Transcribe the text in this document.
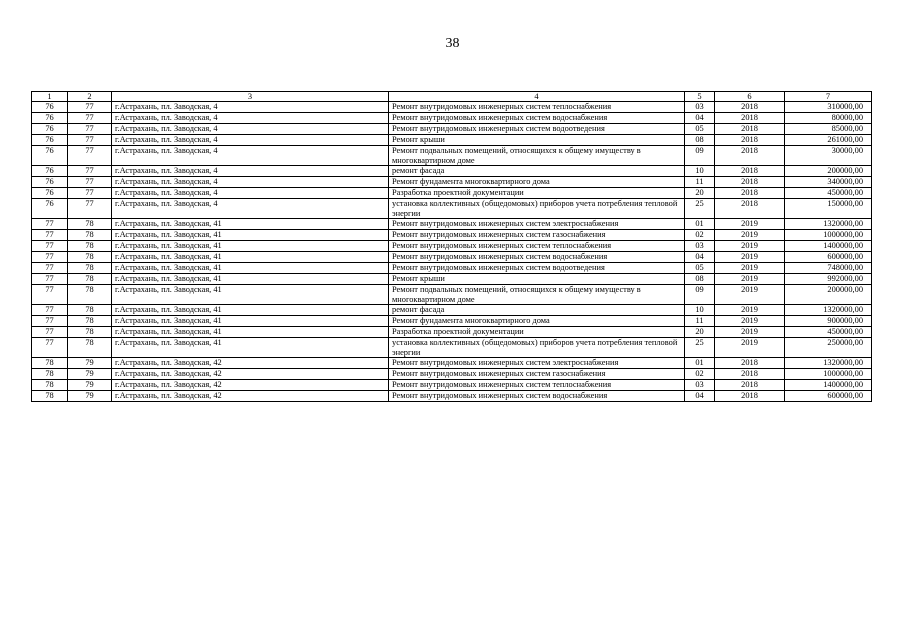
38
1	2	3	4	5	6	7
76	77	г.Астрахань, пл. Заводская, 4	Ремонт внутридомовых инженерных систем теплоснабжения	03	2018	310000,00
76	77	г.Астрахань, пл. Заводская, 4	Ремонт внутридомовых инженерных систем водоснабжения	04	2018	80000,00
76	77	г.Астрахань, пл. Заводская, 4	Ремонт внутридомовых инженерных систем водоотведения	05	2018	85000,00
76	77	г.Астрахань, пл. Заводская, 4	Ремонт крыши	08	2018	261000,00
76	77	г.Астрахань, пл. Заводская, 4	Ремонт подвальных помещений, относящихся к общему имуществу в многоквартирном доме	09	2018	30000,00
76	77	г.Астрахань, пл. Заводская, 4	ремонт фасада	10	2018	200000,00
76	77	г.Астрахань, пл. Заводская, 4	Ремонт фундамента многоквартирного дома	11	2018	340000,00
76	77	г.Астрахань, пл. Заводская, 4	Разработка проектной документации	20	2018	450000,00
76	77	г.Астрахань, пл. Заводская, 4	установка коллективных (общедомовых) приборов учета потребления тепловой энергии	25	2018	150000,00
77	78	г.Астрахань, пл. Заводская, 41	Ремонт внутридомовых инженерных систем электроснабжения	01	2019	1320000,00
77	78	г.Астрахань, пл. Заводская, 41	Ремонт внутридомовых инженерных систем газоснабжения	02	2019	1000000,00
77	78	г.Астрахань, пл. Заводская, 41	Ремонт внутридомовых инженерных систем теплоснабжения	03	2019	1400000,00
77	78	г.Астрахань, пл. Заводская, 41	Ремонт внутридомовых инженерных систем водоснабжения	04	2019	600000,00
77	78	г.Астрахань, пл. Заводская, 41	Ремонт внутридомовых инженерных систем водоотведения	05	2019	748000,00
77	78	г.Астрахань, пл. Заводская, 41	Ремонт крыши	08	2019	992000,00
77	78	г.Астрахань, пл. Заводская, 41	Ремонт подвальных помещений, относящихся к общему имуществу в многоквартирном доме	09	2019	200000,00
77	78	г.Астрахань, пл. Заводская, 41	ремонт фасада	10	2019	1320000,00
77	78	г.Астрахань, пл. Заводская, 41	Ремонт фундамента многоквартирного дома	11	2019	900000,00
77	78	г.Астрахань, пл. Заводская, 41	Разработка проектной документации	20	2019	450000,00
77	78	г.Астрахань, пл. Заводская, 41	установка коллективных (общедомовых) приборов учета потребления тепловой энергии	25	2019	250000,00
78	79	г.Астрахань, пл. Заводская, 42	Ремонт внутридомовых инженерных систем электроснабжения	01	2018	1320000,00
78	79	г.Астрахань, пл. Заводская, 42	Ремонт внутридомовых инженерных систем газоснабжения	02	2018	1000000,00
78	79	г.Астрахань, пл. Заводская, 42	Ремонт внутридомовых инженерных систем теплоснабжения	03	2018	1400000,00
78	79	г.Астрахань, пл. Заводская, 42	Ремонт внутридомовых инженерных систем водоснабжения	04	2018	600000,00
